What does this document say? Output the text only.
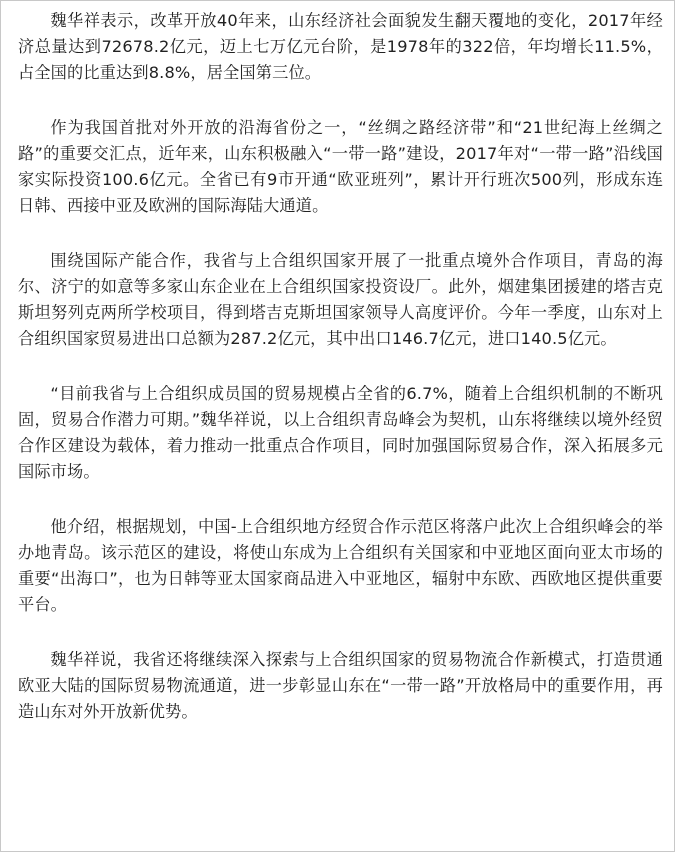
魏华祥表示，改革开放40年来，山东经济社会面貌发生翻天覆地的变化，2017年经济总量达到72678.2亿元，迈上七万亿元台阶，是1978年的322倍，年均增长11.5%，占全国的比重达到8.8%，居全国第三位。

作为我国首批对外开放的沿海省份之一，“丝绸之路经济带”和“21世纪海上丝绸之路”的重要交汇点，近年来，山东积极融入“一带一路”建设，2017年对“一带一路”沿线国家实际投资100.6亿元。全省已有9市开通“欧亚班列”，累计开行班次500列，形成东连日韩、西接中亚及欧洲的国际海陆大通道。

围绕国际产能合作，我省与上合组织国家开展了一批重点境外合作项目，青岛的海尔、济宁的如意等多家山东企业在上合组织国家投资设厂。此外，烟建集团援建的塔吉克斯坦努列克两所学校项目，得到塔吉克斯坦国家领导人高度评价。今年一季度，山东对上合组织国家贸易进出口总额为287.2亿元，其中出口146.7亿元，进口140.5亿元。

“目前我省与上合组织成员国的贸易规模占全省的6.7%，随着上合组织机制的不断巩固，贸易合作潜力可期。”魏华祥说，以上合组织青岛峰会为契机，山东将继续以境外经贸合作区建设为载体，着力推动一批重点合作项目，同时加强国际贸易合作，深入拓展多元国际市场。

他介绍，根据规划，中国-上合组织地方经贸合作示范区将落户此次上合组织峰会的举办地青岛。该示范区的建设，将使山东成为上合组织有关国家和中亚地区面向亚太市场的重要“出海口”，也为日韩等亚太国家商品进入中亚地区，辐射中东欧、西欧地区提供重要平台。

魏华祥说，我省还将继续深入探索与上合组织国家的贸易物流合作新模式，打造贯通欧亚大陆的国际贸易物流通道，进一步彰显山东在“一带一路”开放格局中的重要作用，再造山东对外开放新优势。
